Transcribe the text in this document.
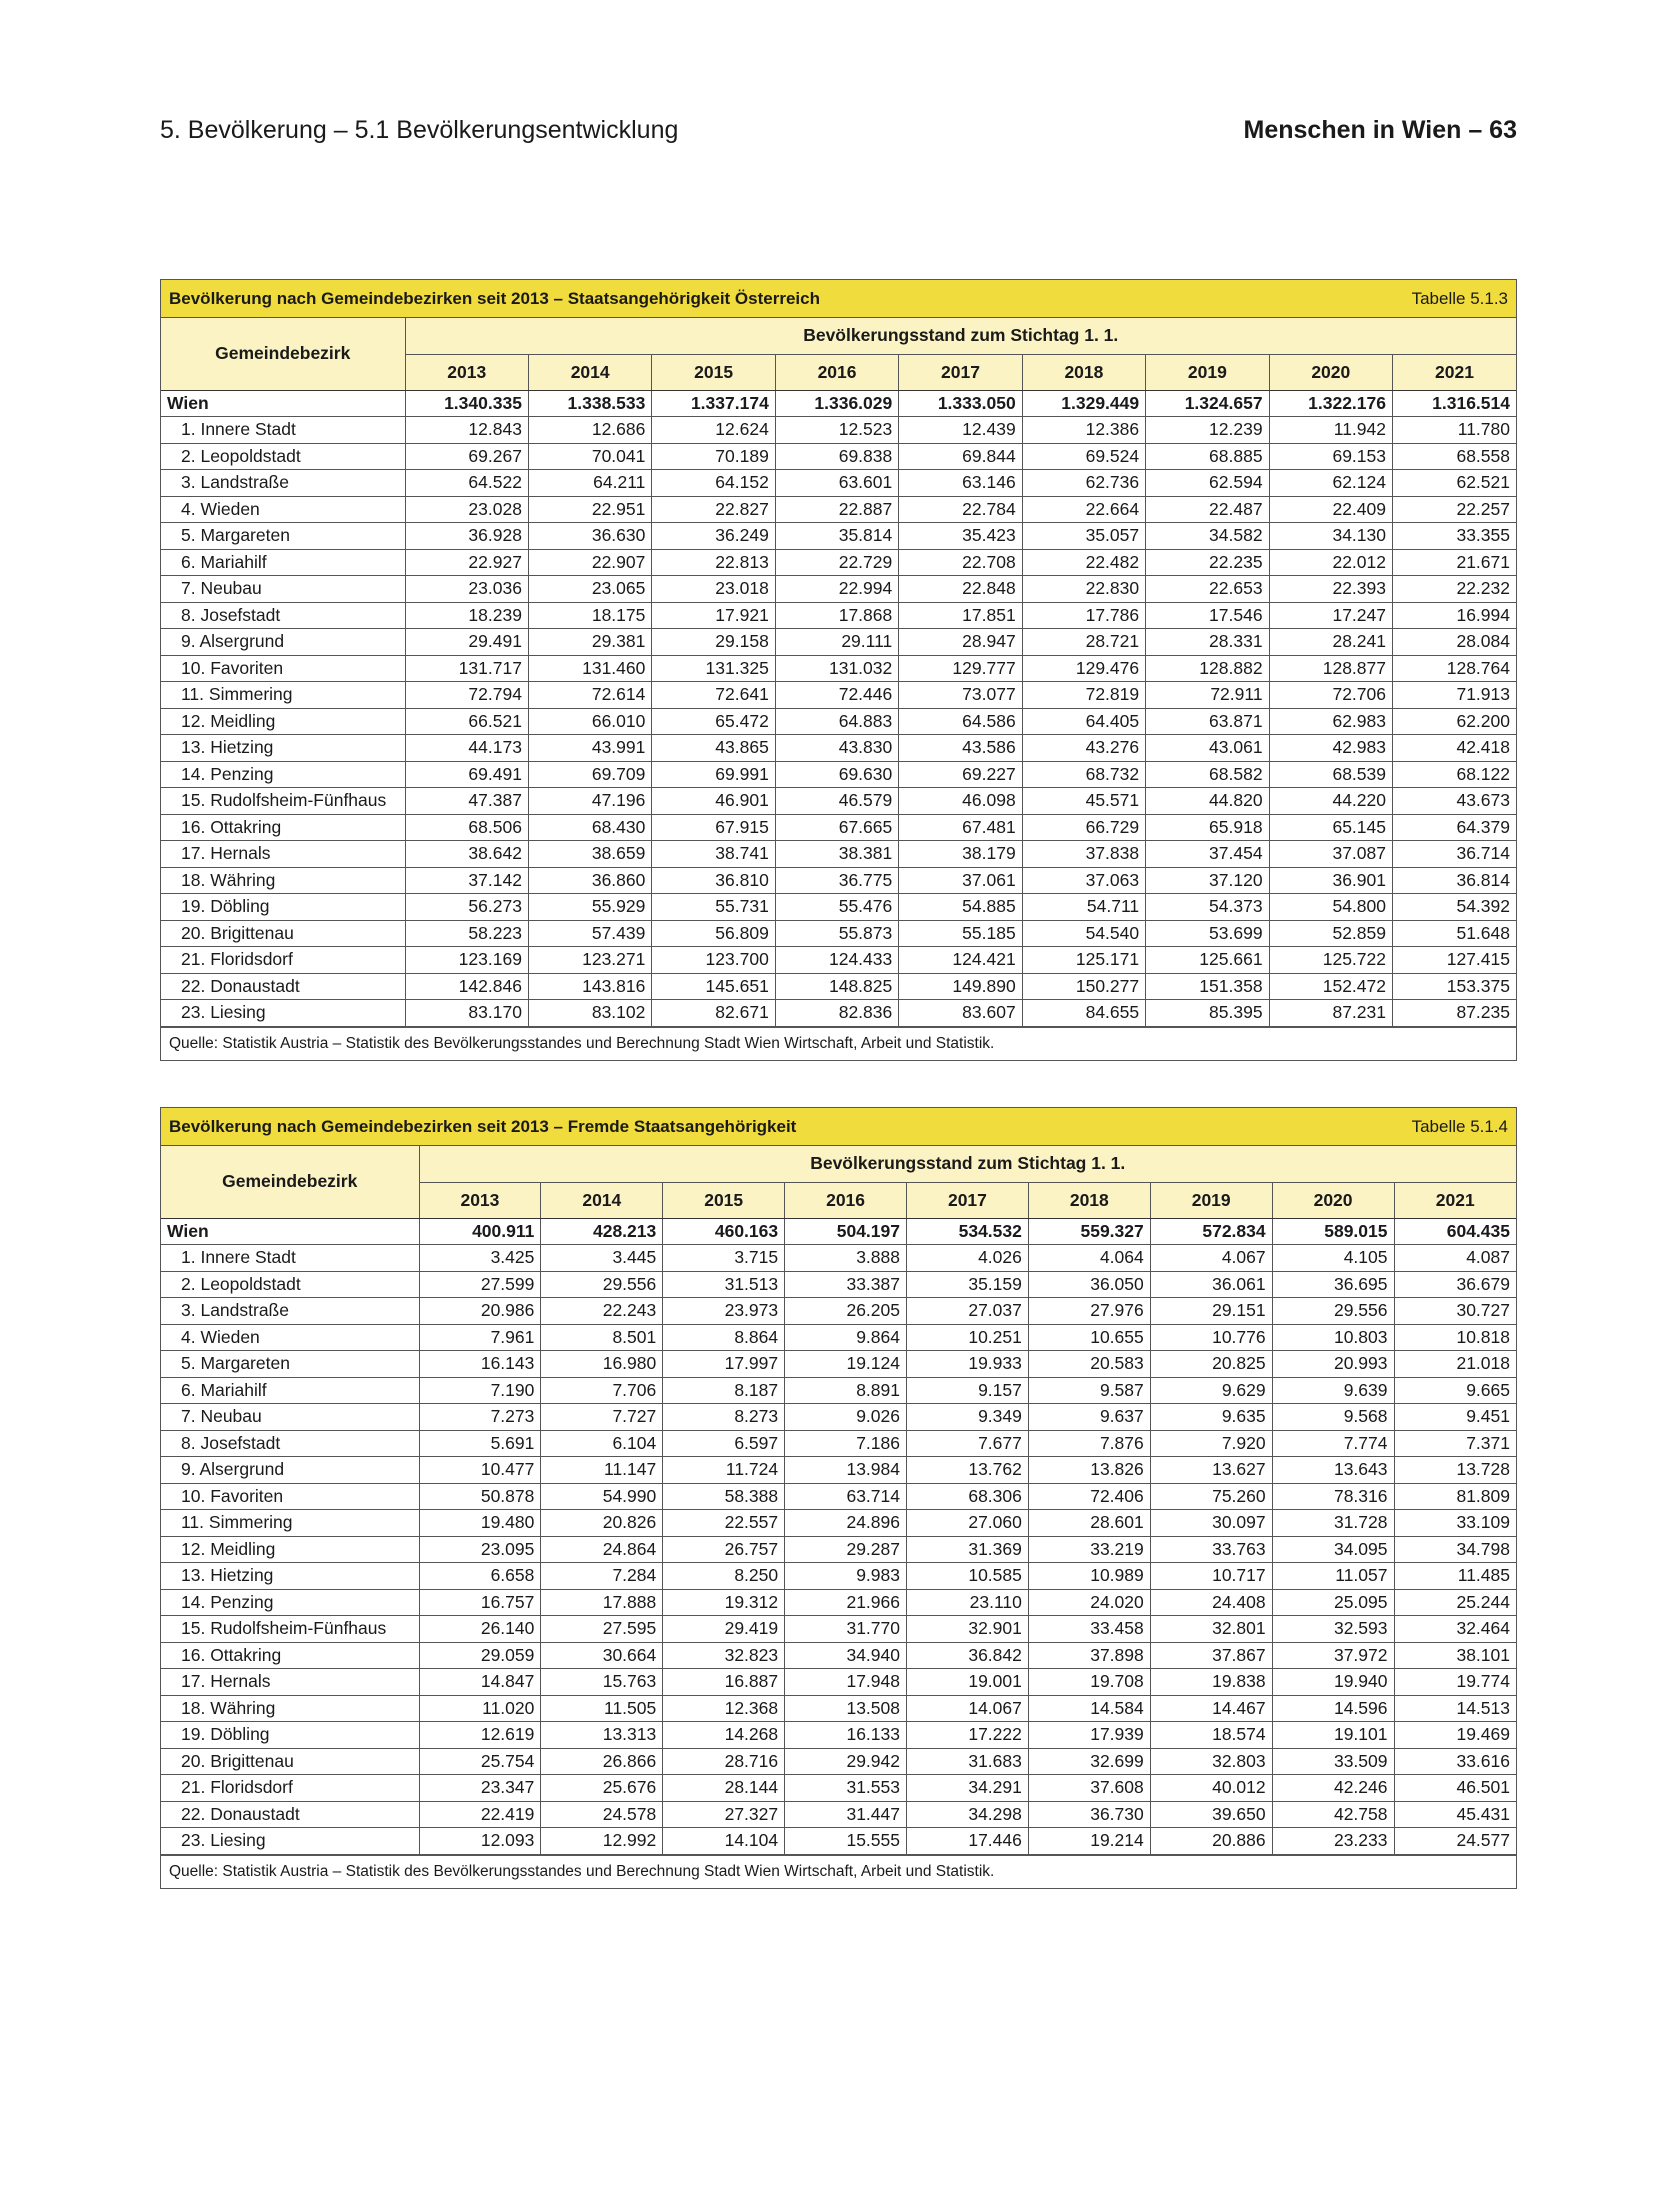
5. Bevölkerung – 5.1 Bevölkerungsentwicklung	Menschen in Wien – 63
Bevölkerung nach Gemeindebezirken seit 2013 – Staatsangehörigkeit Österreich	Tabelle 5.1.3
Gemeindebezirk	Bevölkerungsstand zum Stichtag 1. 1.								
	2013	2014	2015	2016	2017	2018	2019	2020	2021
Wien	1.340.335	1.338.533	1.337.174	1.336.029	1.333.050	1.329.449	1.324.657	1.322.176	1.316.514
1. Innere Stadt	12.843	12.686	12.624	12.523	12.439	12.386	12.239	11.942	11.780
2. Leopoldstadt	69.267	70.041	70.189	69.838	69.844	69.524	68.885	69.153	68.558
3. Landstraße	64.522	64.211	64.152	63.601	63.146	62.736	62.594	62.124	62.521
4. Wieden	23.028	22.951	22.827	22.887	22.784	22.664	22.487	22.409	22.257
5. Margareten	36.928	36.630	36.249	35.814	35.423	35.057	34.582	34.130	33.355
6. Mariahilf	22.927	22.907	22.813	22.729	22.708	22.482	22.235	22.012	21.671
7. Neubau	23.036	23.065	23.018	22.994	22.848	22.830	22.653	22.393	22.232
8. Josefstadt	18.239	18.175	17.921	17.868	17.851	17.786	17.546	17.247	16.994
9. Alsergrund	29.491	29.381	29.158	29.111	28.947	28.721	28.331	28.241	28.084
10. Favoriten	131.717	131.460	131.325	131.032	129.777	129.476	128.882	128.877	128.764
11. Simmering	72.794	72.614	72.641	72.446	73.077	72.819	72.911	72.706	71.913
12. Meidling	66.521	66.010	65.472	64.883	64.586	64.405	63.871	62.983	62.200
13. Hietzing	44.173	43.991	43.865	43.830	43.586	43.276	43.061	42.983	42.418
14. Penzing	69.491	69.709	69.991	69.630	69.227	68.732	68.582	68.539	68.122
15. Rudolfsheim-Fünfhaus	47.387	47.196	46.901	46.579	46.098	45.571	44.820	44.220	43.673
16. Ottakring	68.506	68.430	67.915	67.665	67.481	66.729	65.918	65.145	64.379
17. Hernals	38.642	38.659	38.741	38.381	38.179	37.838	37.454	37.087	36.714
18. Währing	37.142	36.860	36.810	36.775	37.061	37.063	37.120	36.901	36.814
19. Döbling	56.273	55.929	55.731	55.476	54.885	54.711	54.373	54.800	54.392
20. Brigittenau	58.223	57.439	56.809	55.873	55.185	54.540	53.699	52.859	51.648
21. Floridsdorf	123.169	123.271	123.700	124.433	124.421	125.171	125.661	125.722	127.415
22. Donaustadt	142.846	143.816	145.651	148.825	149.890	150.277	151.358	152.472	153.375
23. Liesing	83.170	83.102	82.671	82.836	83.607	84.655	85.395	87.231	87.235
Quelle: Statistik Austria – Statistik des Bevölkerungsstandes und Berechnung Stadt Wien Wirtschaft, Arbeit und Statistik.
Bevölkerung nach Gemeindebezirken seit 2013 – Fremde Staatsangehörigkeit	Tabelle 5.1.4
Gemeindebezirk	Bevölkerungsstand zum Stichtag 1. 1.								
	2013	2014	2015	2016	2017	2018	2019	2020	2021
Wien	400.911	428.213	460.163	504.197	534.532	559.327	572.834	589.015	604.435
1. Innere Stadt	3.425	3.445	3.715	3.888	4.026	4.064	4.067	4.105	4.087
2. Leopoldstadt	27.599	29.556	31.513	33.387	35.159	36.050	36.061	36.695	36.679
3. Landstraße	20.986	22.243	23.973	26.205	27.037	27.976	29.151	29.556	30.727
4. Wieden	7.961	8.501	8.864	9.864	10.251	10.655	10.776	10.803	10.818
5. Margareten	16.143	16.980	17.997	19.124	19.933	20.583	20.825	20.993	21.018
6. Mariahilf	7.190	7.706	8.187	8.891	9.157	9.587	9.629	9.639	9.665
7. Neubau	7.273	7.727	8.273	9.026	9.349	9.637	9.635	9.568	9.451
8. Josefstadt	5.691	6.104	6.597	7.186	7.677	7.876	7.920	7.774	7.371
9. Alsergrund	10.477	11.147	11.724	13.984	13.762	13.826	13.627	13.643	13.728
10. Favoriten	50.878	54.990	58.388	63.714	68.306	72.406	75.260	78.316	81.809
11. Simmering	19.480	20.826	22.557	24.896	27.060	28.601	30.097	31.728	33.109
12. Meidling	23.095	24.864	26.757	29.287	31.369	33.219	33.763	34.095	34.798
13. Hietzing	6.658	7.284	8.250	9.983	10.585	10.989	10.717	11.057	11.485
14. Penzing	16.757	17.888	19.312	21.966	23.110	24.020	24.408	25.095	25.244
15. Rudolfsheim-Fünfhaus	26.140	27.595	29.419	31.770	32.901	33.458	32.801	32.593	32.464
16. Ottakring	29.059	30.664	32.823	34.940	36.842	37.898	37.867	37.972	38.101
17. Hernals	14.847	15.763	16.887	17.948	19.001	19.708	19.838	19.940	19.774
18. Währing	11.020	11.505	12.368	13.508	14.067	14.584	14.467	14.596	14.513
19. Döbling	12.619	13.313	14.268	16.133	17.222	17.939	18.574	19.101	19.469
20. Brigittenau	25.754	26.866	28.716	29.942	31.683	32.699	32.803	33.509	33.616
21. Floridsdorf	23.347	25.676	28.144	31.553	34.291	37.608	40.012	42.246	46.501
22. Donaustadt	22.419	24.578	27.327	31.447	34.298	36.730	39.650	42.758	45.431
23. Liesing	12.093	12.992	14.104	15.555	17.446	19.214	20.886	23.233	24.577
Quelle: Statistik Austria – Statistik des Bevölkerungsstandes und Berechnung Stadt Wien Wirtschaft, Arbeit und Statistik.
